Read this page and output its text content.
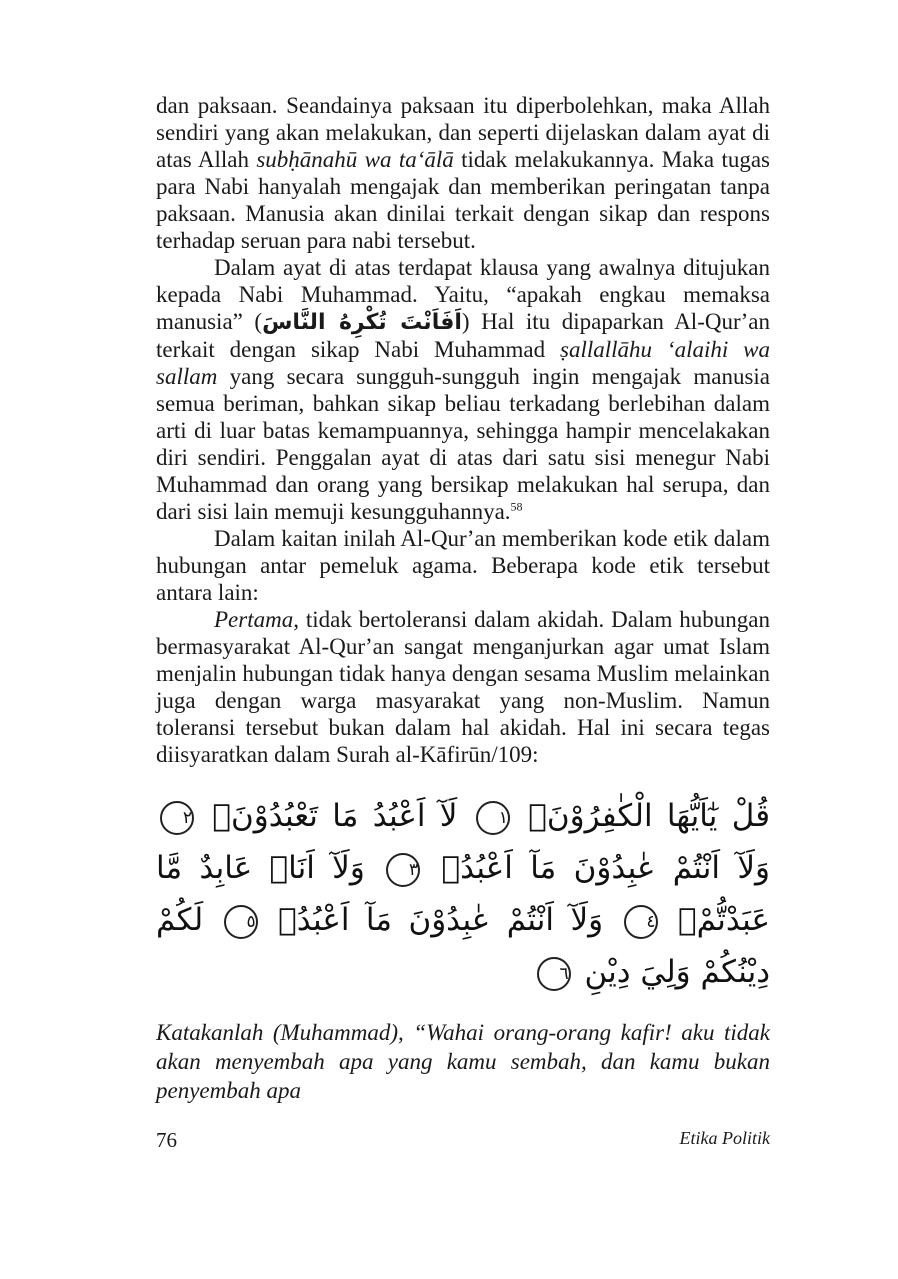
dan paksaan. Seandainya paksaan itu diperbolehkan, maka Allah sendiri yang akan melakukan, dan seperti dijelaskan dalam ayat di atas Allah subḥānahū wa taʻālā tidak melakukannya. Maka tugas para Nabi hanyalah mengajak dan memberikan peringatan tanpa paksaan. Manusia akan dinilai terkait dengan sikap dan respons terhadap seruan para nabi tersebut.

Dalam ayat di atas terdapat klausa yang awalnya ditujukan kepada Nabi Muhammad. Yaitu, “apakah engkau memaksa manusia” (اَفَاَنْتَ تُكْرِهُ النَّاسَ) Hal itu dipaparkan Al-Qurʼan terkait dengan sikap Nabi Muhammad ṣallallāhu ʻalaihi wa sallam yang secara sungguh-sungguh ingin mengajak manusia semua beriman, bahkan sikap beliau terkadang berlebihan dalam arti di luar batas kemampuannya, sehingga hampir mencelakakan diri sendiri. Penggalan ayat di atas dari satu sisi menegur Nabi Muhammad dan orang yang bersikap melakukan hal serupa, dan dari sisi lain memuji kesungguhannya.$^{58}$

Dalam kaitan inilah Al-Qurʼan memberikan kode etik dalam hubungan antar pemeluk agama. Beberapa kode etik tersebut antara lain:

Pertama, tidak bertoleransi dalam akidah. Dalam hubungan bermasyarakat Al-Qurʼan sangat menganjurkan agar umat Islam menjalin hubungan tidak hanya dengan sesama Muslim melainkan juga dengan warga masyarakat yang non-Muslim. Namun toleransi tersebut bukan dalam hal akidah. Hal ini secara tegas diisyaratkan dalam Surah al-Kāfirūn/109:

قُلْ يٰٓاَيُّهَا الْكٰفِرُوْنَۙ ١ لَآ اَعْبُدُ مَا تَعْبُدُوْنَۙ ٢ وَلَآ اَنْتُمْ عٰبِدُوْنَ مَآ اَعْبُدُۚ ٣ وَلَآ اَنَا۠ عَابِدٌ مَّا عَبَدْتُّمْۙ ٤ وَلَآ اَنْتُمْ عٰبِدُوْنَ مَآ اَعْبُدُۗ ٥ لَكُمْ دِيْنُكُمْ وَلِيَ دِيْنِ ٦

Katakanlah (Muhammad), “Wahai orang-orang kafir! aku tidak akan menyembah apa yang kamu sembah, dan kamu bukan penyembah apa

76	Etika Politik
